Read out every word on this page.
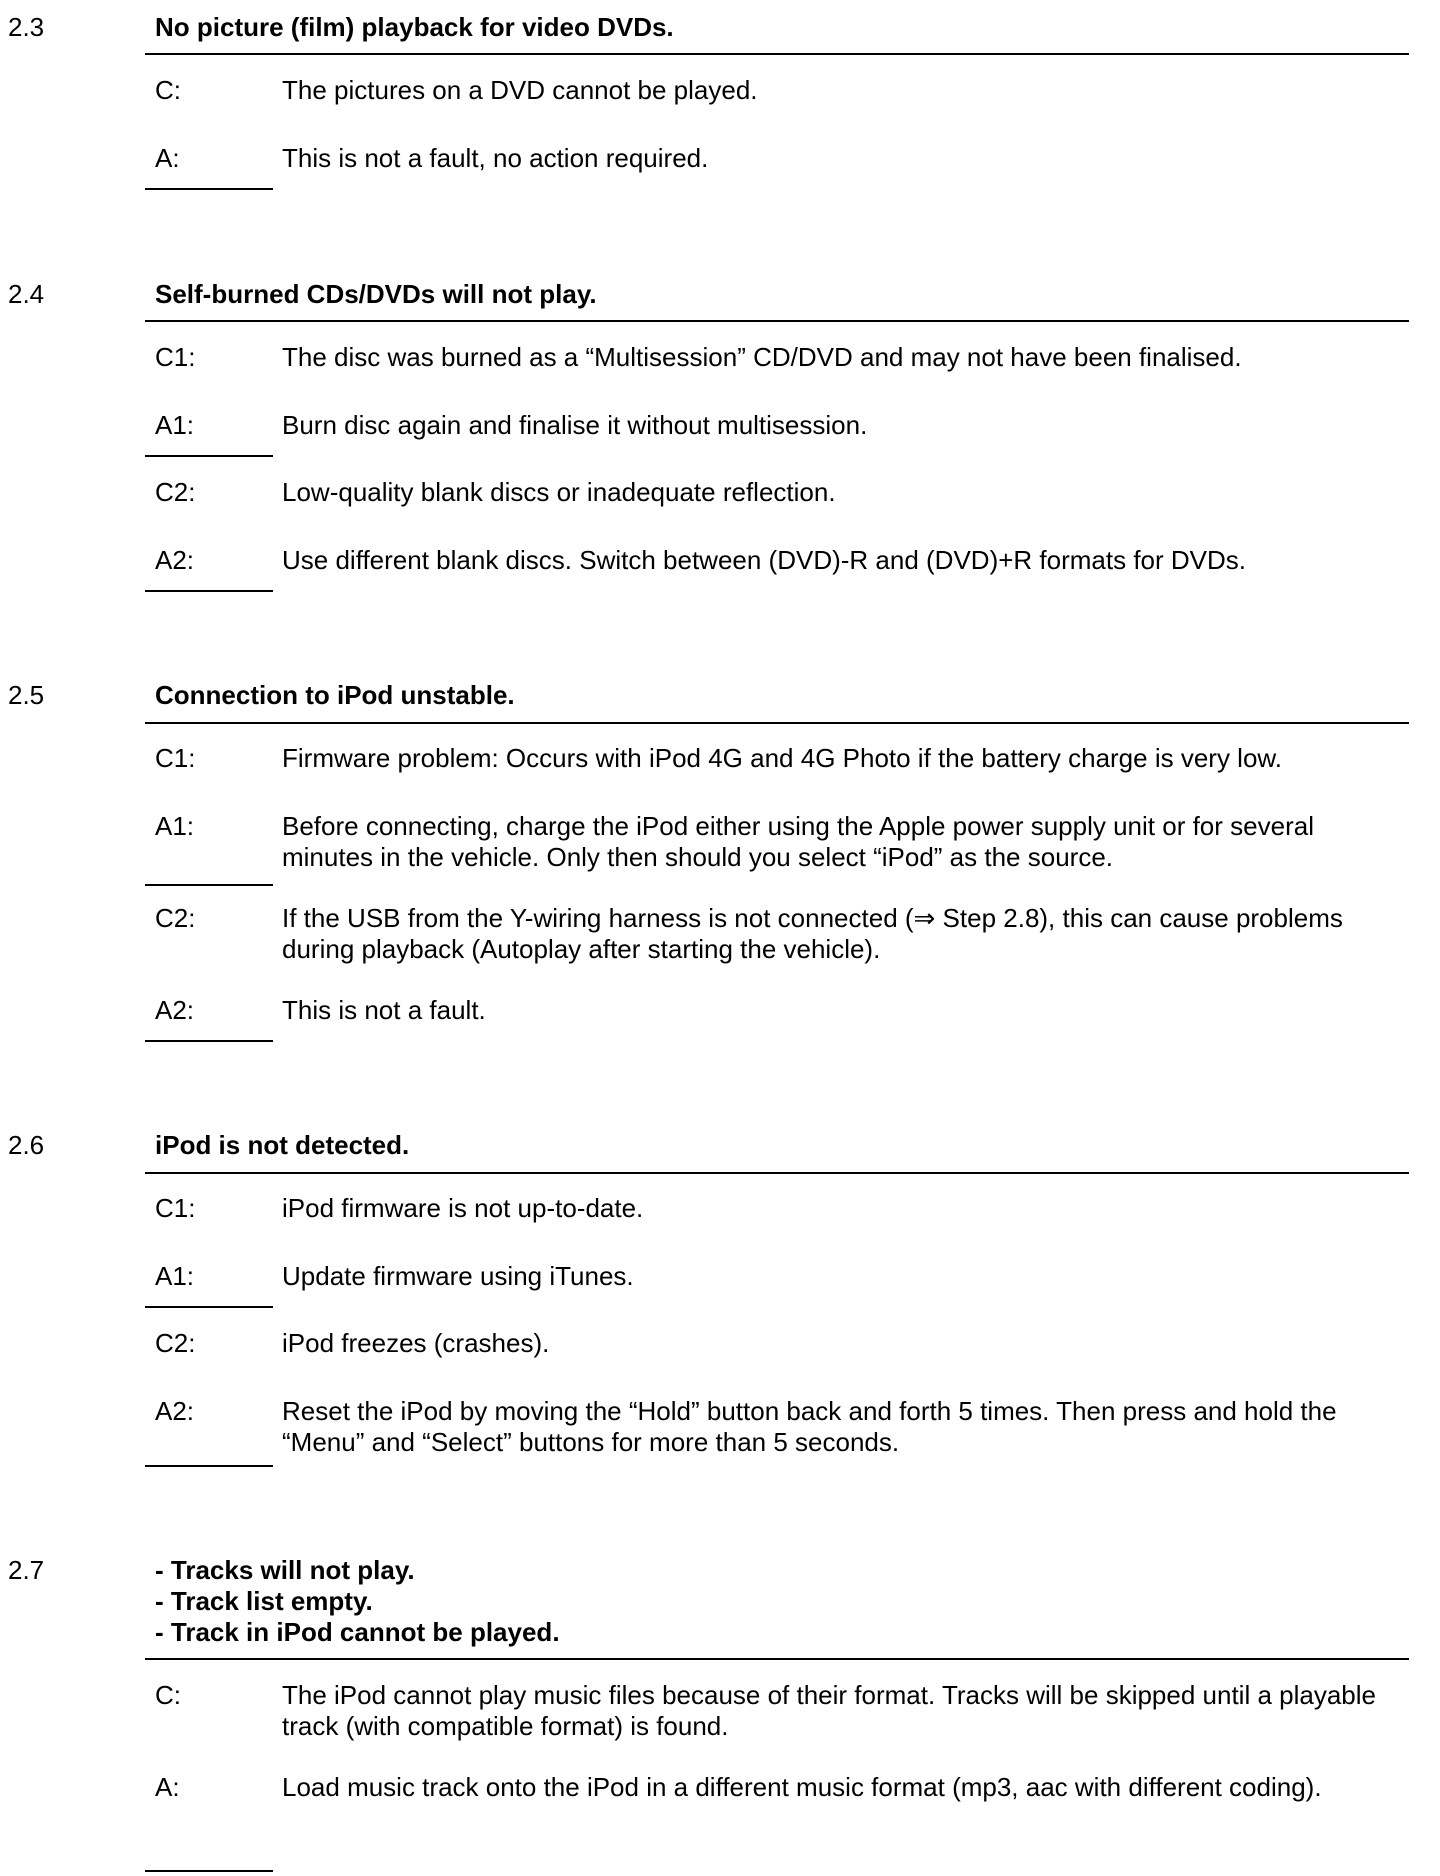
2.3	No picture (film) playback for video DVDs.
C:	The pictures on a DVD cannot be played.
A:	This is not a fault, no action required.
2.4	Self-burned CDs/DVDs will not play.
C1:	The disc was burned as a “Multisession” CD/DVD and may not have been finalised.
A1:	Burn disc again and finalise it without multisession.
C2:	Low-quality blank discs or inadequate reflection.
A2:	Use different blank discs. Switch between (DVD)-R and (DVD)+R formats for DVDs.
2.5	Connection to iPod unstable.
C1:	Firmware problem: Occurs with iPod 4G and 4G Photo if the battery charge is very low.
A1:	Before connecting, charge the iPod either using the Apple power supply unit or for several minutes in the vehicle. Only then should you select “iPod” as the source.
C2:	If the USB from the Y-wiring harness is not connected (⇒ Step 2.8), this can cause problems during playback (Autoplay after starting the vehicle).
A2:	This is not a fault.
2.6	iPod is not detected.
C1:	iPod firmware is not up-to-date.
A1:	Update firmware using iTunes.
C2:	iPod freezes (crashes).
A2:	Reset the iPod by moving the “Hold” button back and forth 5 times. Then press and hold the “Menu” and “Select” buttons for more than 5 seconds.
2.7	- Tracks will not play.
- Track list empty.
- Track in iPod cannot be played.
C:	The iPod cannot play music files because of their format. Tracks will be skipped until a playable track (with compatible format) is found.
A:	Load music track onto the iPod in a different music format (mp3, aac with different coding).
